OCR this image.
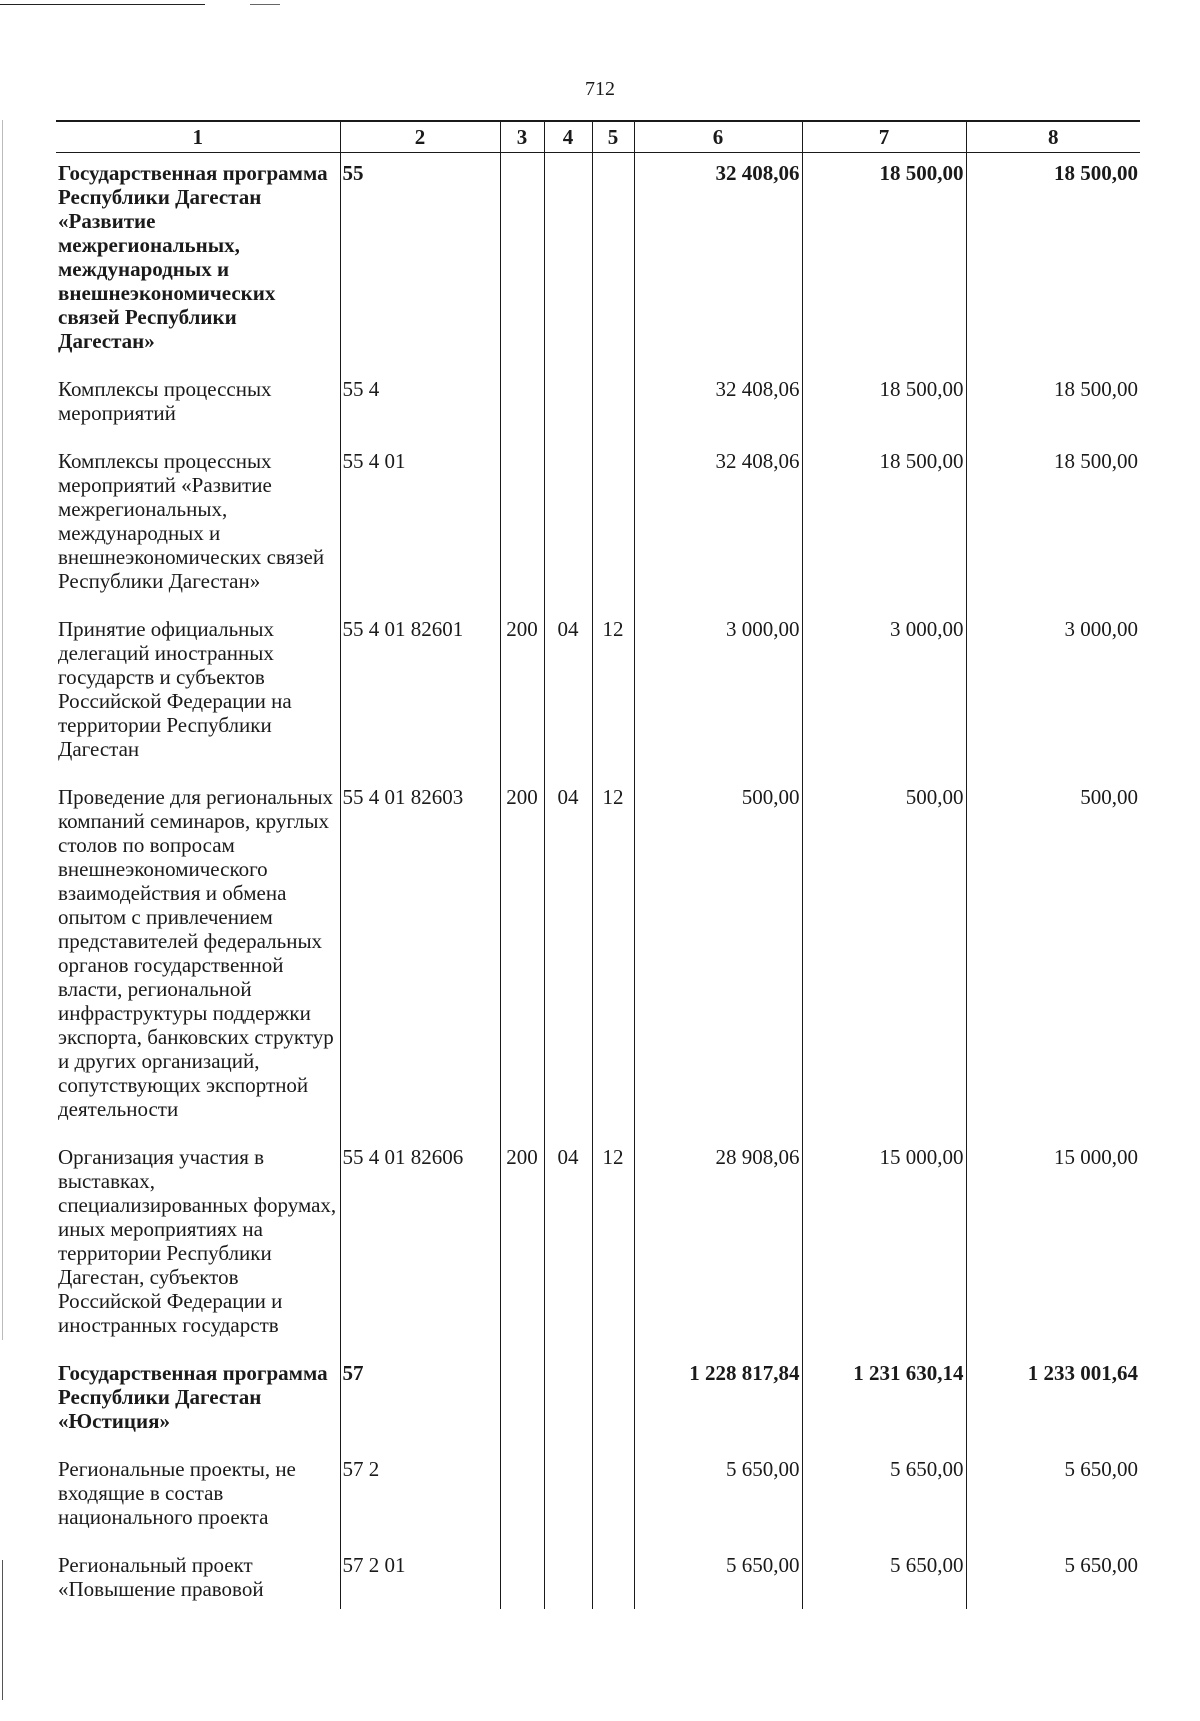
712
1	2	3	4	5	6	7	8
Государственная программа Республики Дагестан «Развитие межрегиональных, международных и внешнеэкономических связей Республики Дагестан»	55				32 408,06	18 500,00	18 500,00
Комплексы процессных мероприятий	55 4				32 408,06	18 500,00	18 500,00
Комплексы процессных мероприятий «Развитие межрегиональных, международных и внешнеэкономических связей Республики Дагестан»	55 4 01				32 408,06	18 500,00	18 500,00
Принятие официальных делегаций иностранных государств и субъектов Российской Федерации на территории Республики Дагестан	55 4 01 82601	200	04	12	3 000,00	3 000,00	3 000,00
Проведение для региональных компаний семинаров, круглых столов по вопросам внешнеэкономического взаимодействия и обмена опытом с привлечением представителей федеральных органов государственной власти, региональной инфраструктуры поддержки экспорта, банковских структур и других организаций, сопутствующих экспортной деятельности	55 4 01 82603	200	04	12	500,00	500,00	500,00
Организация участия в выставках, специализированных форумах, иных мероприятиях на территории Республики Дагестан, субъектов Российской Федерации и иностранных государств	55 4 01 82606	200	04	12	28 908,06	15 000,00	15 000,00
Государственная программа Республики Дагестан «Юстиция»	57				1 228 817,84	1 231 630,14	1 233 001,64
Региональные проекты, не входящие в состав национального проекта	57 2				5 650,00	5 650,00	5 650,00
Региональный проект «Повышение правовой	57 2 01				5 650,00	5 650,00	5 650,00
